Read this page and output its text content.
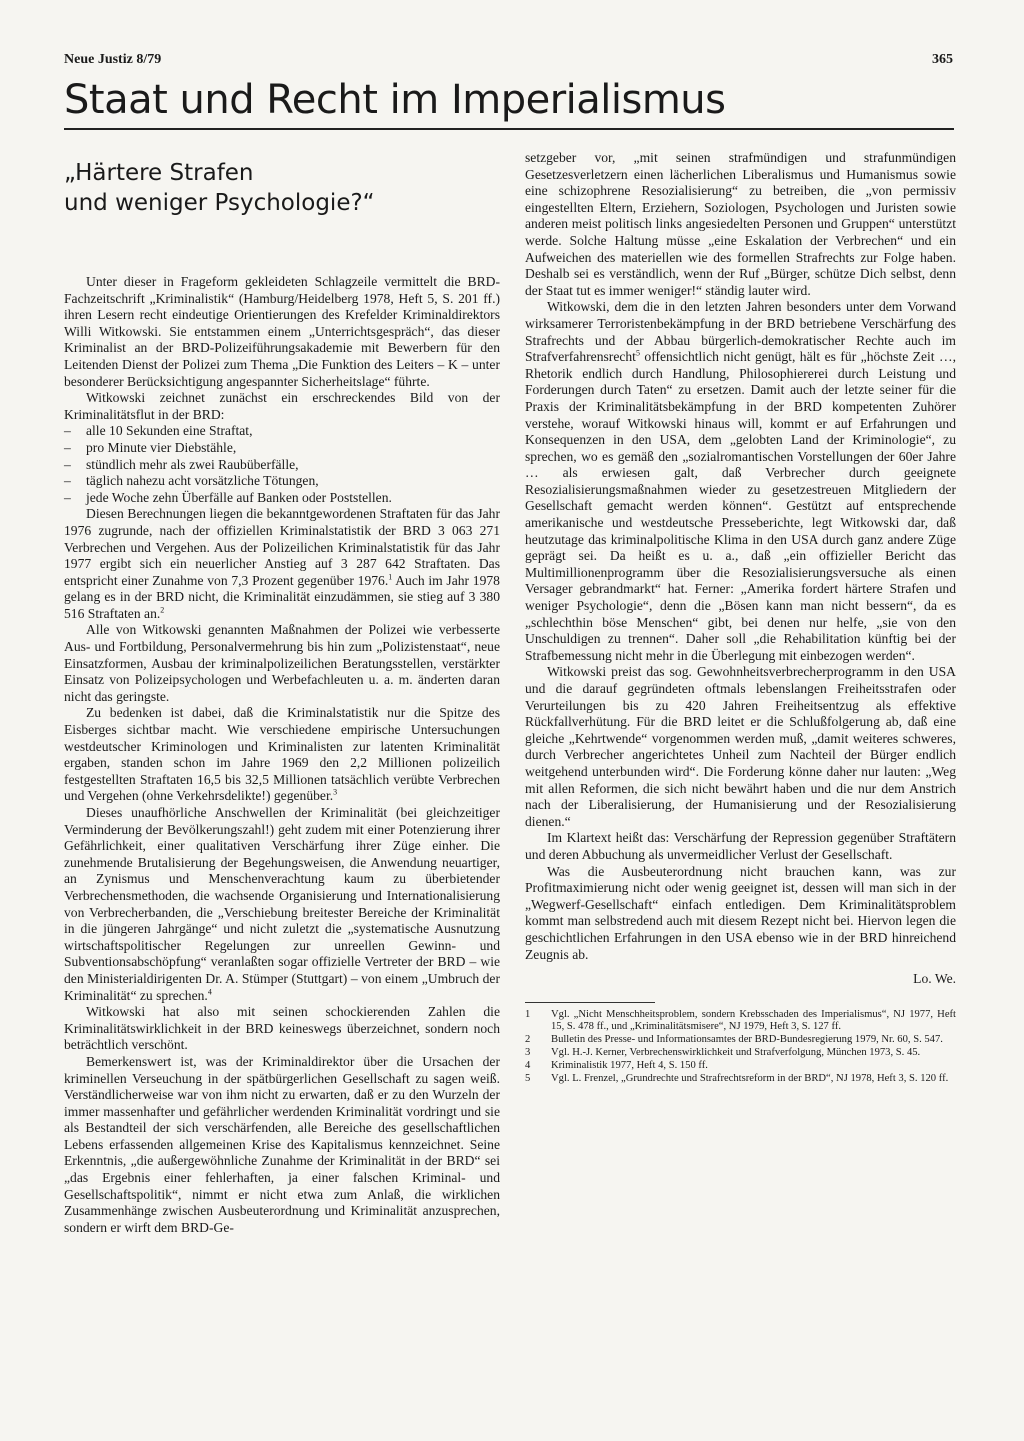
Neue Justiz 8/79	365
Staat und Recht im Imperialismus
„Härtere Strafen
und weniger Psychologie?“

Unter dieser in Frageform gekleideten Schlagzeile vermittelt die BRD-Fachzeitschrift „Kriminalistik“ (Hamburg/Heidelberg 1978, Heft 5, S. 201 ff.) ihren Lesern recht eindeutige Orientierungen des Krefelder Kriminaldirektors Willi Witkowski. Sie entstammen einem „Unterrichtsgespräch“, das dieser Kriminalist an der BRD-Polizeiführungsakademie mit Bewerbern für den Leitenden Dienst der Polizei zum Thema „Die Funktion des Leiters – K – unter besonderer Berücksichtigung angespannter Sicherheitslage“ führte.

Witkowski zeichnet zunächst ein erschreckendes Bild von der Kriminalitätsflut in der BRD:

– alle 10 Sekunden eine Straftat,
– pro Minute vier Diebstähle,
– stündlich mehr als zwei Raubüberfälle,
– täglich nahezu acht vorsätzliche Tötungen,
– jede Woche zehn Überfälle auf Banken oder Poststellen.

Diesen Berechnungen liegen die bekanntgewordenen Straftaten für das Jahr 1976 zugrunde, nach der offiziellen Kriminalstatistik der BRD 3 063 271 Verbrechen und Vergehen. Aus der Polizeilichen Kriminalstatistik für das Jahr 1977 ergibt sich ein neuerlicher Anstieg auf 3 287 642 Straftaten. Das entspricht einer Zunahme von 7,3 Prozent gegenüber 1976.$^1$ Auch im Jahr 1978 gelang es in der BRD nicht, die Kriminalität einzudämmen, sie stieg auf 3 380 516 Straftaten an.$^2$

Alle von Witkowski genannten Maßnahmen der Polizei wie verbesserte Aus- und Fortbildung, Personalvermehrung bis hin zum „Polizistenstaat“, neue Einsatzformen, Ausbau der kriminalpolizeilichen Beratungsstellen, verstärkter Einsatz von Polizeipsychologen und Werbefachleuten u. a. m. änderten daran nicht das geringste.

Zu bedenken ist dabei, daß die Kriminalstatistik nur die Spitze des Eisberges sichtbar macht. Wie verschiedene empirische Untersuchungen westdeutscher Kriminologen und Kriminalisten zur latenten Kriminalität ergaben, standen schon im Jahre 1969 den 2,2 Millionen polizeilich festgestellten Straftaten 16,5 bis 32,5 Millionen tatsächlich verübte Verbrechen und Vergehen (ohne Verkehrsdelikte!) gegenüber.$^3$

Dieses unaufhörliche Anschwellen der Kriminalität (bei gleichzeitiger Verminderung der Bevölkerungszahl!) geht zudem mit einer Potenzierung ihrer Gefährlichkeit, einer qualitativen Verschärfung ihrer Züge einher. Die zunehmende Brutalisierung der Begehungsweisen, die Anwendung neuartiger, an Zynismus und Menschenverachtung kaum zu überbietender Verbrechensmethoden, die wachsende Organisierung und Internationalisierung von Verbrecherbanden, die „Verschiebung breitester Bereiche der Kriminalität in die jüngeren Jahrgänge“ und nicht zuletzt die „systematische Ausnutzung wirtschaftspolitischer Regelungen zur unreellen Gewinn- und Subventionsabschöpfung“ veranlaßten sogar offizielle Vertreter der BRD – wie den Ministerialdirigenten Dr. A. Stümper (Stuttgart) – von einem „Umbruch der Kriminalität“ zu sprechen.$^4$

Witkowski hat also mit seinen schockierenden Zahlen die Kriminalitätswirklichkeit in der BRD keineswegs überzeichnet, sondern noch beträchtlich verschönt.

Bemerkenswert ist, was der Kriminaldirektor über die Ursachen der kriminellen Verseuchung in der spätbürgerlichen Gesellschaft zu sagen weiß. Verständlicherweise war von ihm nicht zu erwarten, daß er zu den Wurzeln der immer massenhafter und gefährlicher werdenden Kriminalität vordringt und sie als Bestandteil der sich verschärfenden, alle Bereiche des gesellschaftlichen Lebens erfassenden allgemeinen Krise des Kapitalismus kennzeichnet. Seine Erkenntnis, „die außergewöhnliche Zunahme der Kriminalität in der BRD“ sei „das Ergebnis einer fehlerhaften, ja einer falschen Kriminal- und Gesellschaftspolitik“, nimmt er nicht etwa zum Anlaß, die wirklichen Zusammenhänge zwischen Ausbeuterordnung und Kriminalität anzusprechen, sondern er wirft dem BRD-Ge-

setzgeber vor, „mit seinen strafmündigen und strafunmündigen Gesetzesverletzern einen lächerlichen Liberalismus und Humanismus sowie eine schizophrene Resozialisierung“ zu betreiben, die „von permissiv eingestellten Eltern, Erziehern, Soziologen, Psychologen und Juristen sowie anderen meist politisch links angesiedelten Personen und Gruppen“ unterstützt werde. Solche Haltung müsse „eine Eskalation der Verbrechen“ und ein Aufweichen des materiellen wie des formellen Strafrechts zur Folge haben. Deshalb sei es verständlich, wenn der Ruf „Bürger, schütze Dich selbst, denn der Staat tut es immer weniger!“ ständig lauter wird.

Witkowski, dem die in den letzten Jahren besonders unter dem Vorwand wirksamerer Terroristenbekämpfung in der BRD betriebene Verschärfung des Strafrechts und der Abbau bürgerlich-demokratischer Rechte auch im Strafverfahrensrecht$^5$ offensichtlich nicht genügt, hält es für „höchste Zeit …, Rhetorik endlich durch Handlung, Philosophiererei durch Leistung und Forderungen durch Taten“ zu ersetzen. Damit auch der letzte seiner für die Praxis der Kriminalitätsbekämpfung in der BRD kompetenten Zuhörer verstehe, worauf Witkowski hinaus will, kommt er auf Erfahrungen und Konsequenzen in den USA, dem „gelobten Land der Kriminologie“, zu sprechen, wo es gemäß den „sozialromantischen Vorstellungen der 60er Jahre … als erwiesen galt, daß Verbrecher durch geeignete Resozialisierungsmaßnahmen wieder zu gesetzestreuen Mitgliedern der Gesellschaft gemacht werden können“. Gestützt auf entsprechende amerikanische und westdeutsche Presseberichte, legt Witkowski dar, daß heutzutage das kriminalpolitische Klima in den USA durch ganz andere Züge geprägt sei. Da heißt es u. a., daß „ein offizieller Bericht das Multimillionenprogramm über die Resozialisierungsversuche als einen Versager gebrandmarkt“ hat. Ferner: „Amerika fordert härtere Strafen und weniger Psychologie“, denn die „Bösen kann man nicht bessern“, da es „schlechthin böse Menschen“ gibt, bei denen nur helfe, „sie von den Unschuldigen zu trennen“. Daher soll „die Rehabilitation künftig bei der Strafbemessung nicht mehr in die Überlegung mit einbezogen werden“.

Witkowski preist das sog. Gewohnheitsverbrecherprogramm in den USA und die darauf gegründeten oftmals lebenslangen Freiheitsstrafen oder Verurteilungen bis zu 420 Jahren Freiheitsentzug als effektive Rückfallverhütung. Für die BRD leitet er die Schlußfolgerung ab, daß eine gleiche „Kehrtwende“ vorgenommen werden muß, „damit weiteres schweres, durch Verbrecher angerichtetes Unheil zum Nachteil der Bürger endlich weitgehend unterbunden wird“. Die Forderung könne daher nur lauten: „Weg mit allen Reformen, die sich nicht bewährt haben und die nur dem Anstrich nach der Liberalisierung, der Humanisierung und der Resozialisierung dienen.“

Im Klartext heißt das: Verschärfung der Repression gegenüber Straftätern und deren Abbuchung als unvermeidlicher Verlust der Gesellschaft.

Was die Ausbeuterordnung nicht brauchen kann, was zur Profitmaximierung nicht oder wenig geeignet ist, dessen will man sich in der „Wegwerf-Gesellschaft“ einfach entledigen. Dem Kriminalitätsproblem kommt man selbstredend auch mit diesem Rezept nicht bei. Hiervon legen die geschichtlichen Erfahrungen in den USA ebenso wie in der BRD hinreichend Zeugnis ab.

Lo. We.
1	Vgl. „Nicht Menschheitsproblem, sondern Krebsschaden des Imperialismus“, NJ 1977, Heft 15, S. 478 ff., und „Kriminalitätsmisere“, NJ 1979, Heft 3, S. 127 ff.
2	Bulletin des Presse- und Informationsamtes der BRD-Bundesregierung 1979, Nr. 60, S. 547.
3	Vgl. H.-J. Kerner, Verbrechenswirklichkeit und Strafverfolgung, München 1973, S. 45.
4	Kriminalistik 1977, Heft 4, S. 150 ff.
5	Vgl. L. Frenzel, „Grundrechte und Strafrechtsreform in der BRD“, NJ 1978, Heft 3, S. 120 ff.
